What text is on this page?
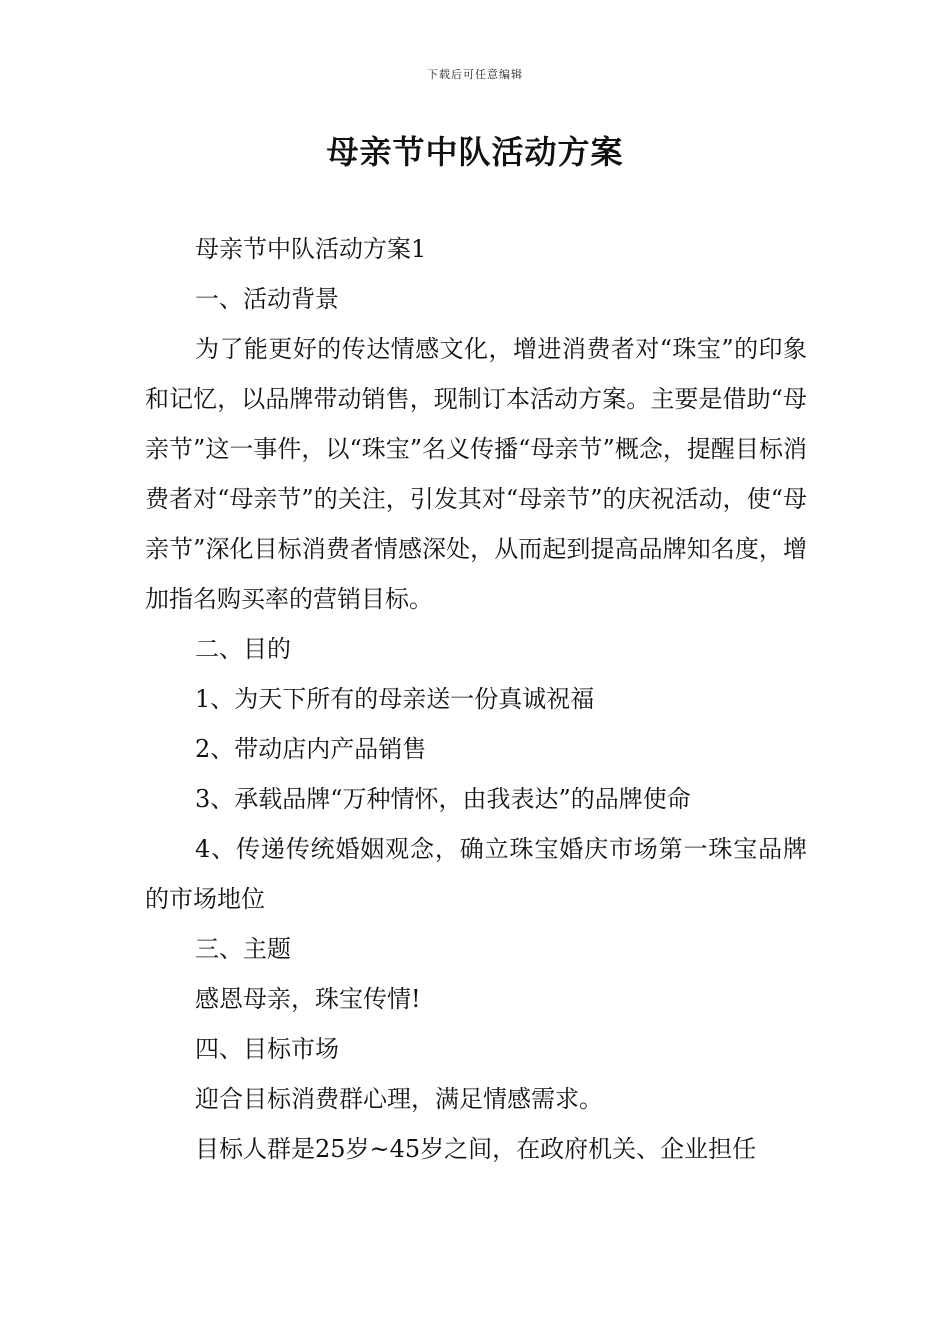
下载后可任意编辑
母亲节中队活动方案

母亲节中队活动方案1

一、活动背景

为了能更好的传达情感文化，增进消费者对“珠宝”的印象和记忆，以品牌带动销售，现制订本活动方案。主要是借助“母亲节”这一事件，以“珠宝”名义传播“母亲节”概念，提醒目标消费者对“母亲节”的关注，引发其对“母亲节”的庆祝活动，使“母亲节”深化目标消费者情感深处，从而起到提高品牌知名度，增加指名购买率的营销目标。

二、目的

1、为天下所有的母亲送一份真诚祝福

2、带动店内产品销售

3、承载品牌“万种情怀，由我表达”的品牌使命

4、传递传统婚姻观念，确立珠宝婚庆市场第一珠宝品牌的市场地位

三、主题

感恩母亲，珠宝传情!

四、目标市场

迎合目标消费群心理，满足情感需求。

目标人群是25岁~45岁之间，在政府机关、企业担任
